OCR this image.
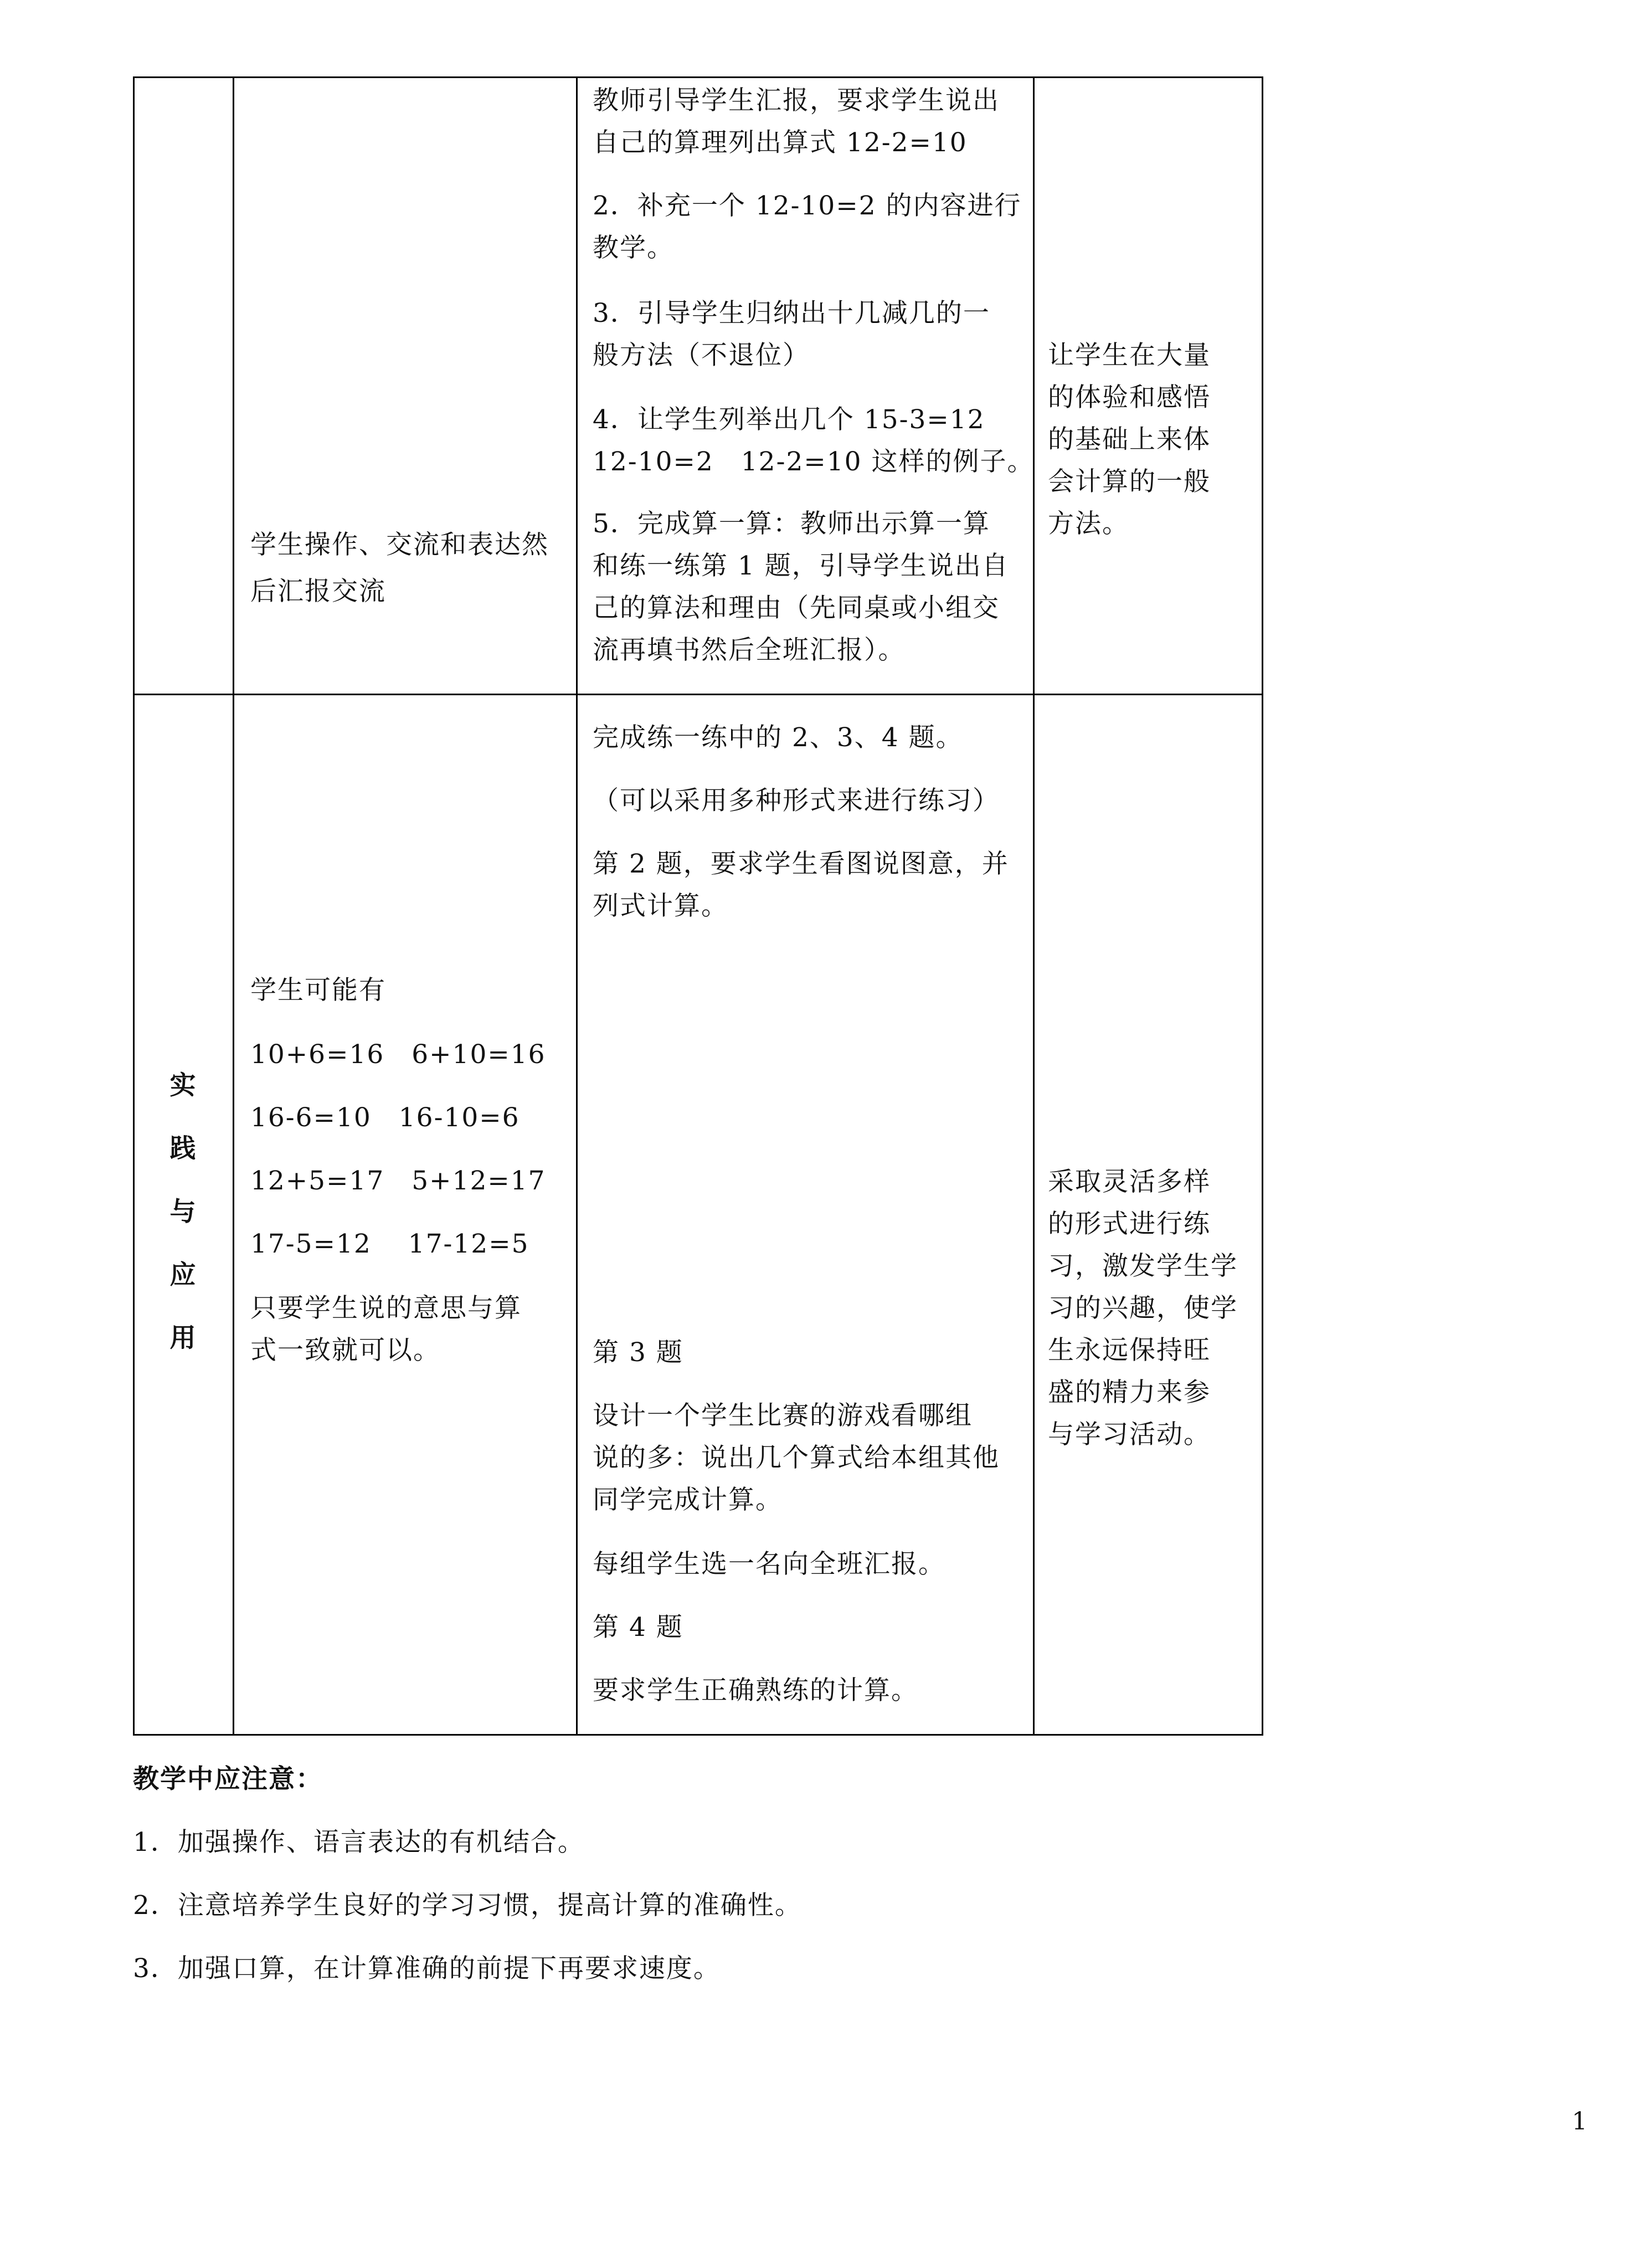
学生操作、交流和表达然
后汇报交流
教师引导学生汇报，要求学生说出
自己的算理列出算式 12-2=10
2．补充一个 12-10=2 的内容进行
教学。
3．引导学生归纳出十几减几的一
般方法（不退位）
4．让学生列举出几个 15-3=12
12-10=2　12-2=10 这样的例子。
5．完成算一算：教师出示算一算
和练一练第 1 题，引导学生说出自
己的算法和理由（先同桌或小组交
流再填书然后全班汇报）。
让学生在大量
的体验和感悟
的基础上来体
会计算的一般
方法。
实
践
与
应
用
学生可能有
10+6=16　6+10=16
16-6=10　16-10=6
12+5=17　5+12=17
17-5=12　 17-12=5
只要学生说的意思与算
式一致就可以。
完成练一练中的 2、3、4 题。
（可以采用多种形式来进行练习）
第 2 题，要求学生看图说图意，并
列式计算。
第 3 题
设计一个学生比赛的游戏看哪组
说的多：说出几个算式给本组其他
同学完成计算。
每组学生选一名向全班汇报。
第 4 题
要求学生正确熟练的计算。
采取灵活多样
的形式进行练
习，激发学生学
习的兴趣，使学
生永远保持旺
盛的精力来参
与学习活动。
教学中应注意：
1．加强操作、语言表达的有机结合。
2．注意培养学生良好的学习习惯，提高计算的准确性。
3．加强口算，在计算准确的前提下再要求速度。
1
